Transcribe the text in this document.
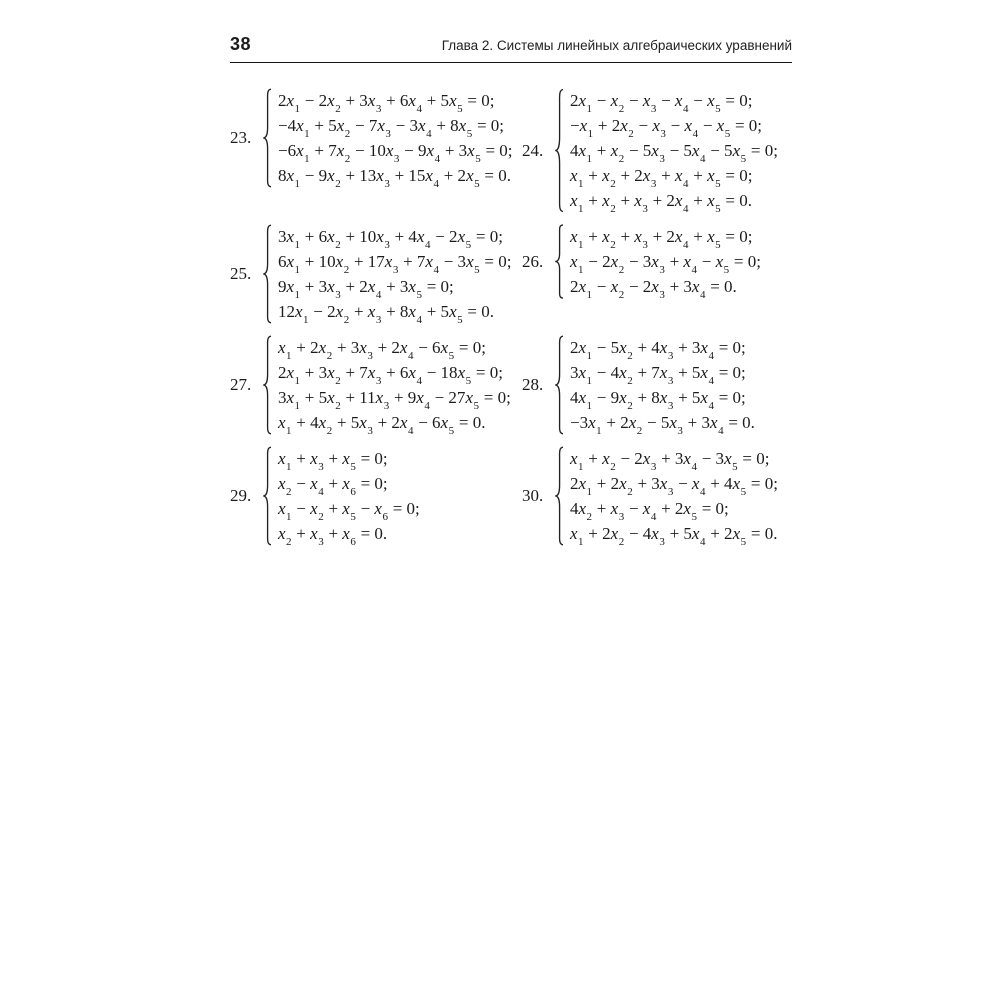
38	Глава 2. Системы линейных алгебраических уравнений
23.
$2x_1 - 2x_2 + 3x_3 + 6x_4 + 5x_5 = 0$;
$-4x_1 + 5x_2 - 7x_3 - 3x_4 + 8x_5 = 0$;
$-6x_1 + 7x_2 - 10x_3 - 9x_4 + 3x_5 = 0$;
$8x_1 - 9x_2 + 13x_3 + 15x_4 + 2x_5 = 0$.
24.
$2x_1 - x_2 - x_3 - x_4 - x_5 = 0$;
$-x_1 + 2x_2 - x_3 - x_4 - x_5 = 0$;
$4x_1 + x_2 - 5x_3 - 5x_4 - 5x_5 = 0$;
$x_1 + x_2 + 2x_3 + x_4 + x_5 = 0$;
$x_1 + x_2 + x_3 + 2x_4 + x_5 = 0$.
25.
$3x_1 + 6x_2 + 10x_3 + 4x_4 - 2x_5 = 0$;
$6x_1 + 10x_2 + 17x_3 + 7x_4 - 3x_5 = 0$;
$9x_1 + 3x_3 + 2x_4 + 3x_5 = 0$;
$12x_1 - 2x_2 + x_3 + 8x_4 + 5x_5 = 0$.
26.
$x_1 + x_2 + x_3 + 2x_4 + x_5 = 0$;
$x_1 - 2x_2 - 3x_3 + x_4 - x_5 = 0$;
$2x_1 - x_2 - 2x_3 + 3x_4 = 0$.
27.
$x_1 + 2x_2 + 3x_3 + 2x_4 - 6x_5 = 0$;
$2x_1 + 3x_2 + 7x_3 + 6x_4 - 18x_5 = 0$;
$3x_1 + 5x_2 + 11x_3 + 9x_4 - 27x_5 = 0$;
$x_1 + 4x_2 + 5x_3 + 2x_4 - 6x_5 = 0$.
28.
$2x_1 - 5x_2 + 4x_3 + 3x_4 = 0$;
$3x_1 - 4x_2 + 7x_3 + 5x_4 = 0$;
$4x_1 - 9x_2 + 8x_3 + 5x_4 = 0$;
$-3x_1 + 2x_2 - 5x_3 + 3x_4 = 0$.
29.
$x_1 + x_3 + x_5 = 0$;
$x_2 - x_4 + x_6 = 0$;
$x_1 - x_2 + x_5 - x_6 = 0$;
$x_2 + x_3 + x_6 = 0$.
30.
$x_1 + x_2 - 2x_3 + 3x_4 - 3x_5 = 0$;
$2x_1 + 2x_2 + 3x_3 - x_4 + 4x_5 = 0$;
$4x_2 + x_3 - x_4 + 2x_5 = 0$;
$x_1 + 2x_2 - 4x_3 + 5x_4 + 2x_5 = 0$.
